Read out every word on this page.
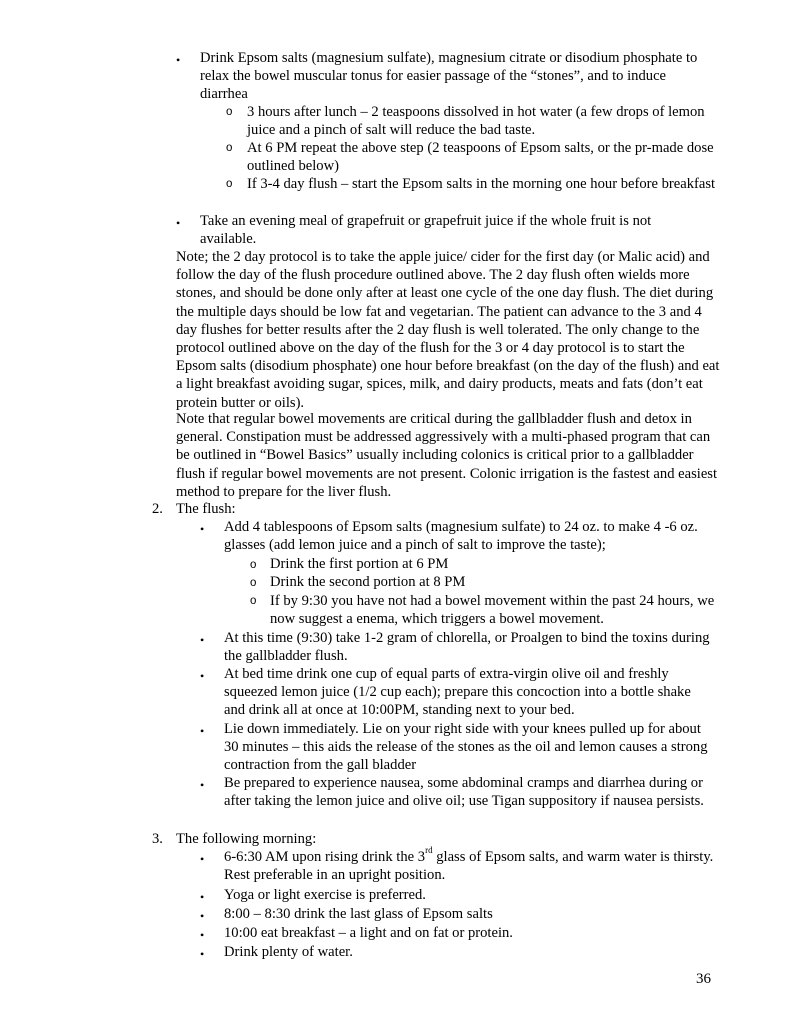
• Drink Epsom salts (magnesium sulfate), magnesium citrate or disodium phosphate to relax the bowel muscular tonus for easier passage of the “stones”, and to induce diarrhea

o 3 hours after lunch – 2 teaspoons dissolved in hot water (a few drops of lemon juice and a pinch of salt will reduce the bad taste.

o At 6 PM repeat the above step (2 teaspoons of Epsom salts, or the pr-made dose outlined below)

o If 3-4 day flush – start the Epsom salts in the morning one hour before breakfast

• Take an evening meal of grapefruit or grapefruit juice if the whole fruit is not available.

Note; the 2 day protocol is to take the apple juice/ cider for the first day (or Malic acid) and follow the day of the flush procedure outlined above. The 2 day flush often wields more stones, and should be done only after at least one cycle of the one day flush. The diet during the multiple days should be low fat and vegetarian. The patient can advance to the 3 and 4 day flushes for better results after the 2 day flush is well tolerated. The only change to the protocol outlined above on the day of the flush for the 3 or 4 day protocol is to start the Epsom salts (disodium phosphate) one hour before breakfast (on the day of the flush) and eat a light breakfast avoiding sugar, spices, milk, and dairy products, meats and fats (don’t eat protein butter or oils).

Note that regular bowel movements are critical during the gallbladder flush and detox in general. Constipation must be addressed aggressively with a multi-phased program that can be outlined in “Bowel Basics” usually including colonics is critical prior to a gallbladder flush if regular bowel movements are not present. Colonic irrigation is the fastest and easiest method to prepare for the liver flush.

2. The flush:

• Add 4 tablespoons of Epsom salts (magnesium sulfate) to 24 oz. to make 4 -6 oz. glasses (add lemon juice and a pinch of salt to improve the taste);

o Drink the first portion at 6 PM

o Drink the second portion at 8 PM

o If by 9:30 you have not had a bowel movement within the past 24 hours, we now suggest a enema, which triggers a bowel movement.

• At this time (9:30) take 1-2 gram of chlorella, or Proalgen to bind the toxins during the gallbladder flush.

• At bed time drink one cup of equal parts of extra-virgin olive oil and freshly squeezed lemon juice (1/2 cup each); prepare this concoction into a bottle shake and drink all at once at 10:00PM, standing next to your bed.

• Lie down immediately. Lie on your right side with your knees pulled up for about 30 minutes – this aids the release of the stones as the oil and lemon causes a strong contraction from the gall bladder

• Be prepared to experience nausea, some abdominal cramps and diarrhea during or after taking the lemon juice and olive oil; use Tigan suppository if nausea persists.

3. The following morning:

• 6-6:30 AM upon rising drink the 3rd glass of Epsom salts, and warm water is thirsty. Rest preferable in an upright position.

• Yoga or light exercise is preferred.

• 8:00 – 8:30 drink the last glass of Epsom salts

• 10:00 eat breakfast – a light and on fat or protein.

• Drink plenty of water.

36
